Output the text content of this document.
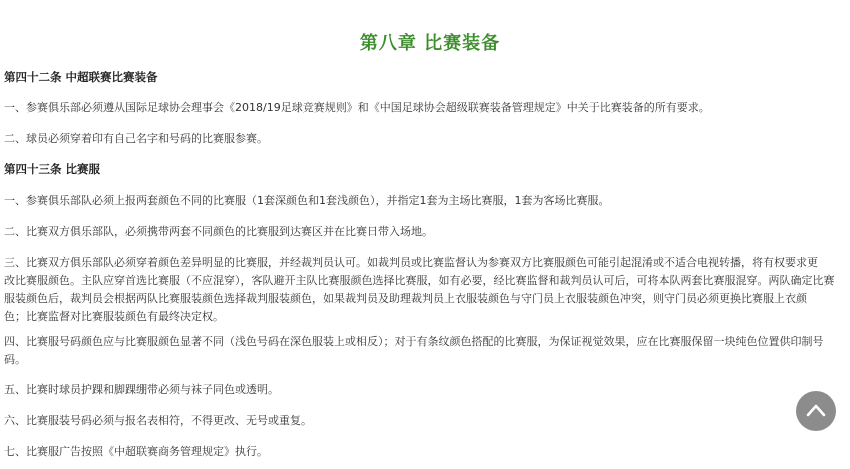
第八章 比赛装备
第四十二条 中超联赛比赛装备

一、参赛俱乐部必须遵从国际足球协会理事会《2018/19足球竞赛规则》和《中国足球协会超级联赛装备管理规定》中关于比赛装备的所有要求。

二、球员必须穿着印有自己名字和号码的比赛服参赛。

第四十三条 比赛服

一、参赛俱乐部队必须上报两套颜色不同的比赛服（1套深颜色和1套浅颜色），并指定1套为主场比赛服，1套为客场比赛服。

二、比赛双方俱乐部队，必须携带两套不同颜色的比赛服到达赛区并在比赛日带入场地。

三、比赛双方俱乐部队必须穿着颜色差异明显的比赛服，并经裁判员认可。如裁判员或比赛监督认为参赛双方比赛服颜色可能引起混淆或不适合电视转播，将有权要求更
改比赛服颜色。主队应穿首选比赛服（不应混穿），客队避开主队比赛服颜色选择比赛服，如有必要，经比赛监督和裁判员认可后，可将本队两套比赛服混穿。两队确定比赛
服装颜色后，裁判员会根据两队比赛服装颜色选择裁判服装颜色，如果裁判员及助理裁判员上衣服装颜色与守门员上衣服装颜色冲突，则守门员必须更换比赛服上衣颜
色；比赛监督对比赛服装颜色有最终决定权。
四、比赛服号码颜色应与比赛服颜色显著不同（浅色号码在深色服装上或相反）；对于有条纹颜色搭配的比赛服，为保证视觉效果，应在比赛服保留一块纯色位置供印制号
码。

五、比赛时球员护踝和脚踝绷带必须与袜子同色或透明。

六、比赛服装号码必须与报名表相符，不得更改、无号或重复。

七、比赛服广告按照《中超联赛商务管理规定》执行。
